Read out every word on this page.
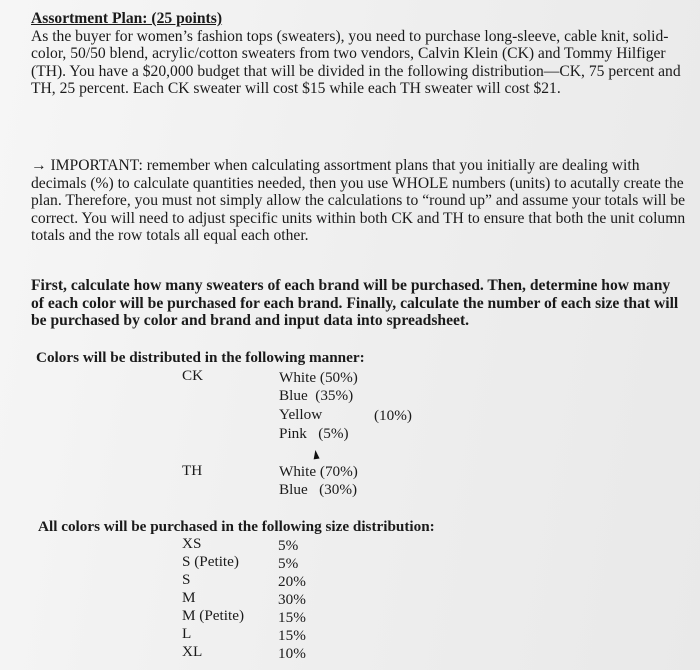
Assortment Plan: (25 points)
As the buyer for women’s fashion tops (sweaters), you need to purchase long-sleeve, cable knit, solid-color, 50/50 blend, acrylic/cotton sweaters from two vendors, Calvin Klein (CK) and Tommy Hilfiger (TH). You have a $20,000 budget that will be divided in the following distribution—CK, 75 percent and TH, 25 percent. Each CK sweater will cost $15 while each TH sweater will cost $21.
→ IMPORTANT: remember when calculating assortment plans that you initially are dealing with decimals (%) to calculate quantities needed, then you use WHOLE numbers (units) to acutally create the plan. Therefore, you must not simply allow the calculations to “round up” and assume your totals will be correct. You will need to adjust specific units within both CK and TH to ensure that both the unit column totals and the row totals all equal each other.
First, calculate how many sweaters of each brand will be purchased. Then, determine how many of each color will be purchased for each brand. Finally, calculate the number of each size that will be purchased by color and brand and input data into spreadsheet.
Colors will be distributed in the following manner:
CK	White (50%)
Blue  (35%)
Yellow	(10%)
Pink   (5%)
TH	White (70%)
Blue   (30%)
All colors will be purchased in the following size distribution:
XS	5%
S (Petite)	5%
S	20%
M	30%
M (Petite) 15%
L	15%
XL	10%
